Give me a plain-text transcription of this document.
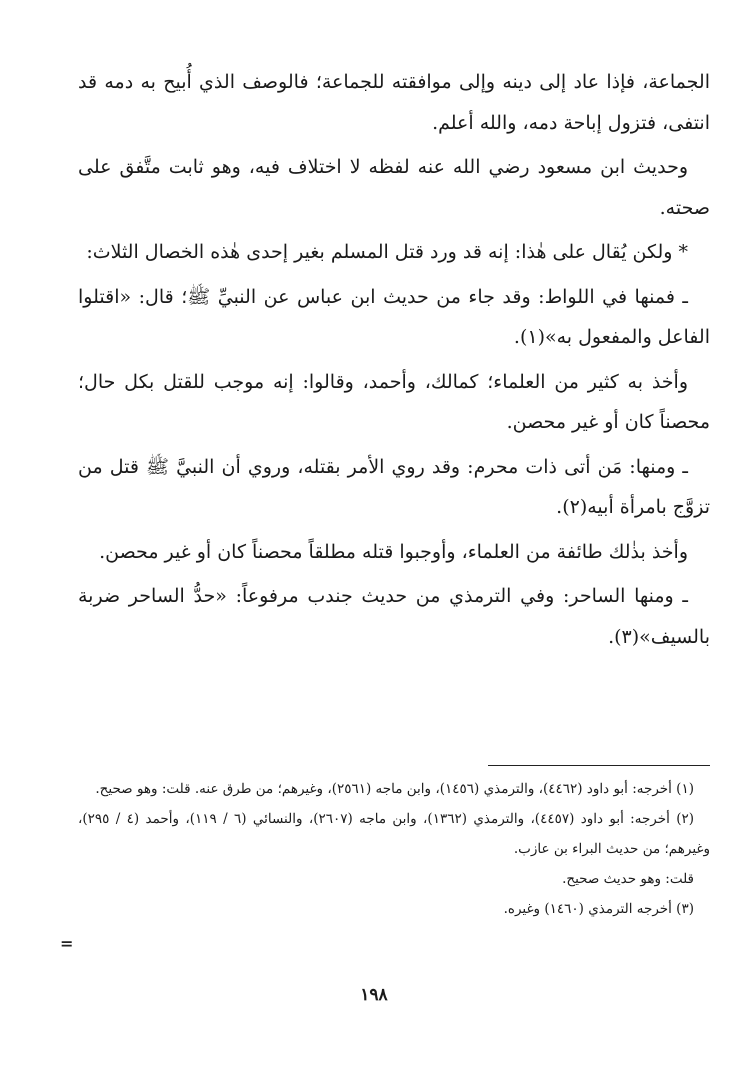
الجماعة، فإذا عاد إلى دينه وإلى موافقته للجماعة؛ فالوصف الذي أُبيح به دمه قد انتفى، فتزول إباحة دمه، والله أعلم.

وحديث ابن مسعود رضي الله عنه لفظه لا اختلاف فيه، وهو ثابت متَّفق على صحته.

* ولكن يُقال على هٰذا: إنه قد ورد قتل المسلم بغير إحدى هٰذه الخصال الثلاث:

ـ فمنها في اللواط: وقد جاء من حديث ابن عباس عن النبيِّ ﷺ؛ قال: «اقتلوا الفاعل والمفعول به»(١).

وأخذ به كثير من العلماء؛ كمالك، وأحمد، وقالوا: إنه موجب للقتل بكل حال؛ محصناً كان أو غير محصن.

ـ ومنها: مَن أتى ذات محرم: وقد روي الأمر بقتله، وروي أن النبيَّ ﷺ قتل من تزوَّج بامرأة أبيه(٢).

وأخذ بذٰلك طائفة من العلماء، وأوجبوا قتله مطلقاً محصناً كان أو غير محصن.

ـ ومنها الساحر: وفي الترمذي من حديث جندب مرفوعاً: «حدُّ الساحر ضربة بالسيف»(٣).

(١) أخرجه: أبو داود (٤٤٦٢)، والترمذي (١٤٥٦)، وابن ماجه (٢٥٦١)، وغيرهم؛ من طرق عنه. قلت: وهو صحيح.

(٢) أخرجه: أبو داود (٤٤٥٧)، والترمذي (١٣٦٢)، وابن ماجه (٢٦٠٧)، والنسائي (٦ / ١١٩)، وأحمد (٤ / ٢٩٥)، وغيرهم؛ من حديث البراء بن عازب.

قلت: وهو حديث صحيح.

(٣) أخرجه الترمذي (١٤٦٠) وغيره.

=
١٩٨
